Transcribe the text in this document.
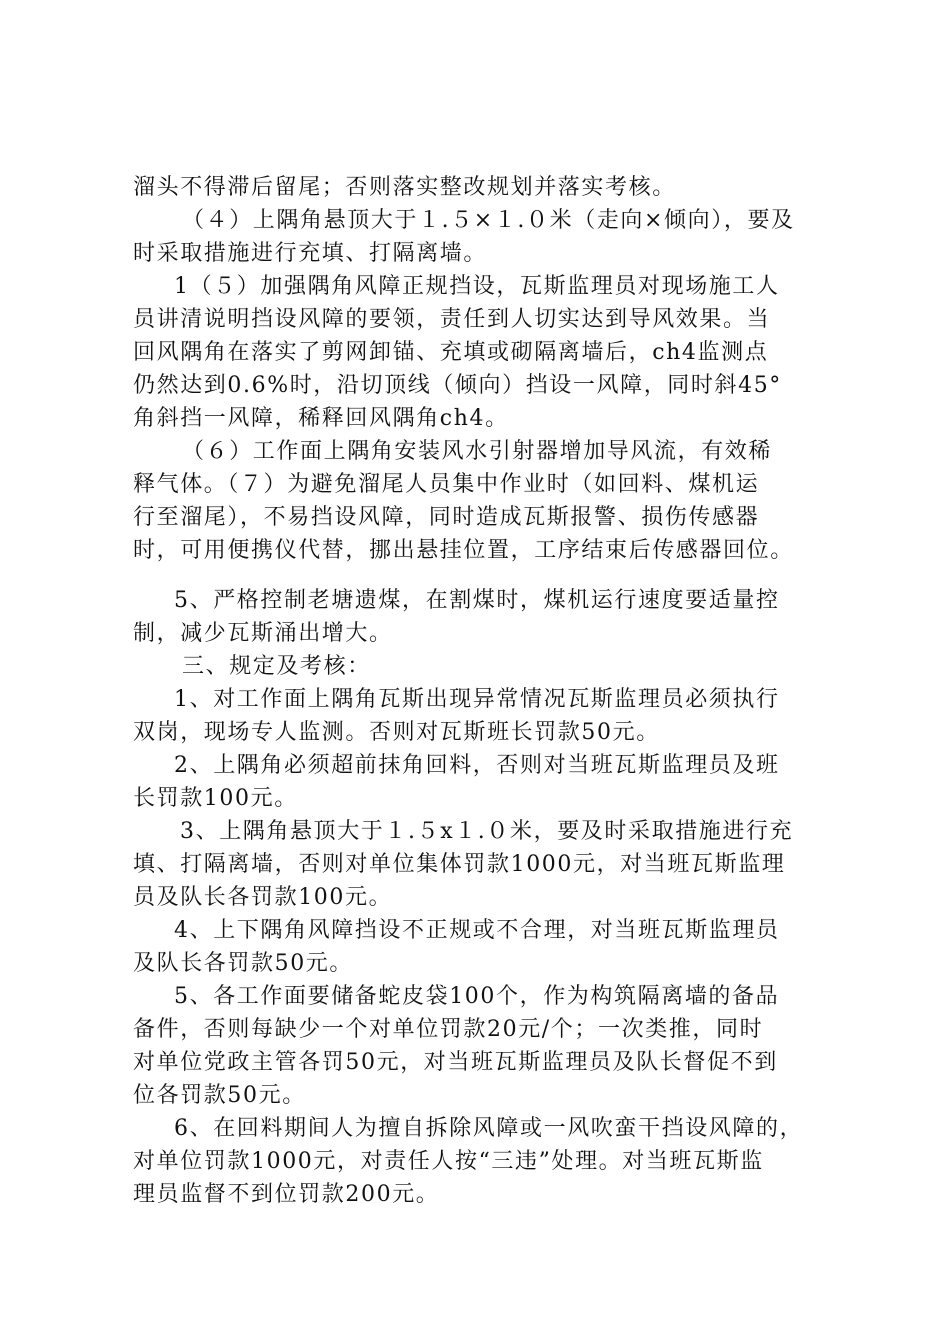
溜头不得滞后留尾；否则落实整改规划并落实考核。
（４）上隅角悬顶大于１.５×１.０米（走向×倾向），要及
时采取措施进行充填、打隔离墙。
1（５）加强隅角风障正规挡设，瓦斯监理员对现场施工人
员讲清说明挡设风障的要领，责任到人切实达到导风效果。当
回风隅角在落实了剪网卸锚、充填或砌隔离墙后，ch4监测点
仍然达到0.6%时，沿切顶线（倾向）挡设一风障，同时斜45°
角斜挡一风障，稀释回风隅角ch4。
（６）工作面上隅角安装风水引射器增加导风流，有效稀
释气体。（７）为避免溜尾人员集中作业时（如回料、煤机运
行至溜尾），不易挡设风障，同时造成瓦斯报警、损伤传感器
时，可用便携仪代替，挪出悬挂位置，工序结束后传感器回位。
5、严格控制老塘遗煤，在割煤时，煤机运行速度要适量控
制，减少瓦斯涌出增大。
三、规定及考核：
1、对工作面上隅角瓦斯出现异常情况瓦斯监理员必须执行
双岗，现场专人监测。否则对瓦斯班长罚款50元。
2、上隅角必须超前抹角回料，否则对当班瓦斯监理员及班
长罚款100元。
3、上隅角悬顶大于１.５x１.０米，要及时采取措施进行充
填、打隔离墙，否则对单位集体罚款1000元，对当班瓦斯监理
员及队长各罚款100元。
4、上下隅角风障挡设不正规或不合理，对当班瓦斯监理员
及队长各罚款50元。
5、各工作面要储备蛇皮袋100个，作为构筑隔离墙的备品
备件，否则每缺少一个对单位罚款20元/个；一次类推，同时
对单位党政主管各罚50元，对当班瓦斯监理员及队长督促不到
位各罚款50元。
6、在回料期间人为擅自拆除风障或一风吹蛮干挡设风障的，
对单位罚款1000元，对责任人按“三违”处理。对当班瓦斯监
理员监督不到位罚款200元。
